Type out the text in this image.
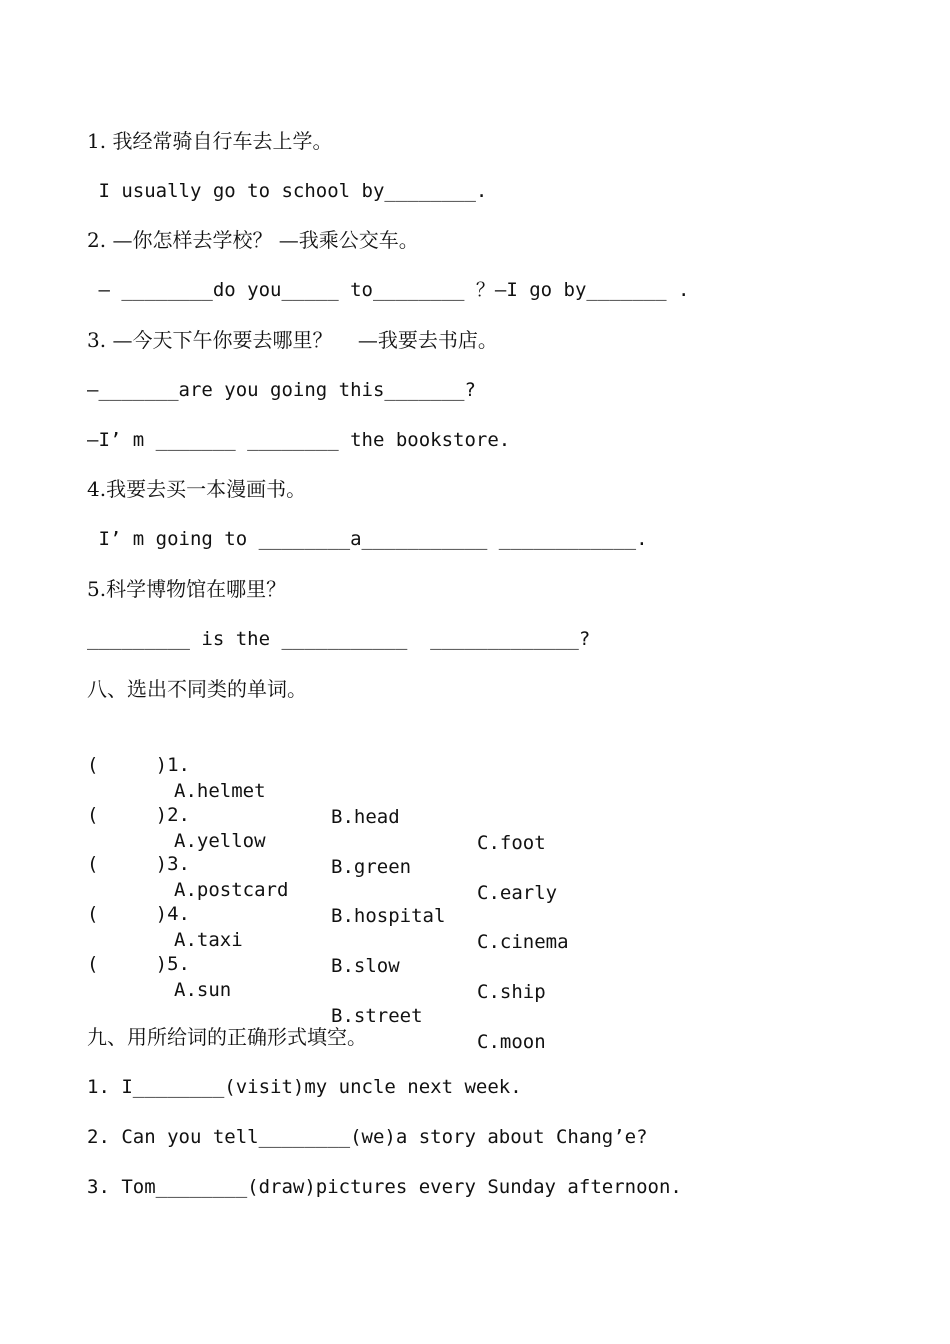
1. 我经常骑自行车去上学。
I usually go to school by________.
2. —你怎样去学校？ —我乘公交车。
— ________do you_____ to________ ？—I go by_______ .
3. —今天下午你要去哪里？    —我要去书店。
—_______are you going this_______?
—I’ m _______ ________ the bookstore.
4.我要去买一本漫画书。
I’ m going to ________a___________ ____________.
5.科学博物馆在哪里？
_________ is the ___________  _____________?
八、选出不同类的单词。

(     )1.

A.helmet

B.head

C.foot

(     )2.

A.yellow

B.green

C.early

(     )3.

A.postcard

B.hospital

C.cinema

(     )4.

A.taxi

B.slow

C.ship

(     )5.

A.sun

B.street

C.moon

九、用所给词的正确形式填空。
1. I________(visit)my uncle next week.
2. Can you tell________(we)a story about Chang’e?
3. Tom________(draw)pictures every Sunday afternoon.
